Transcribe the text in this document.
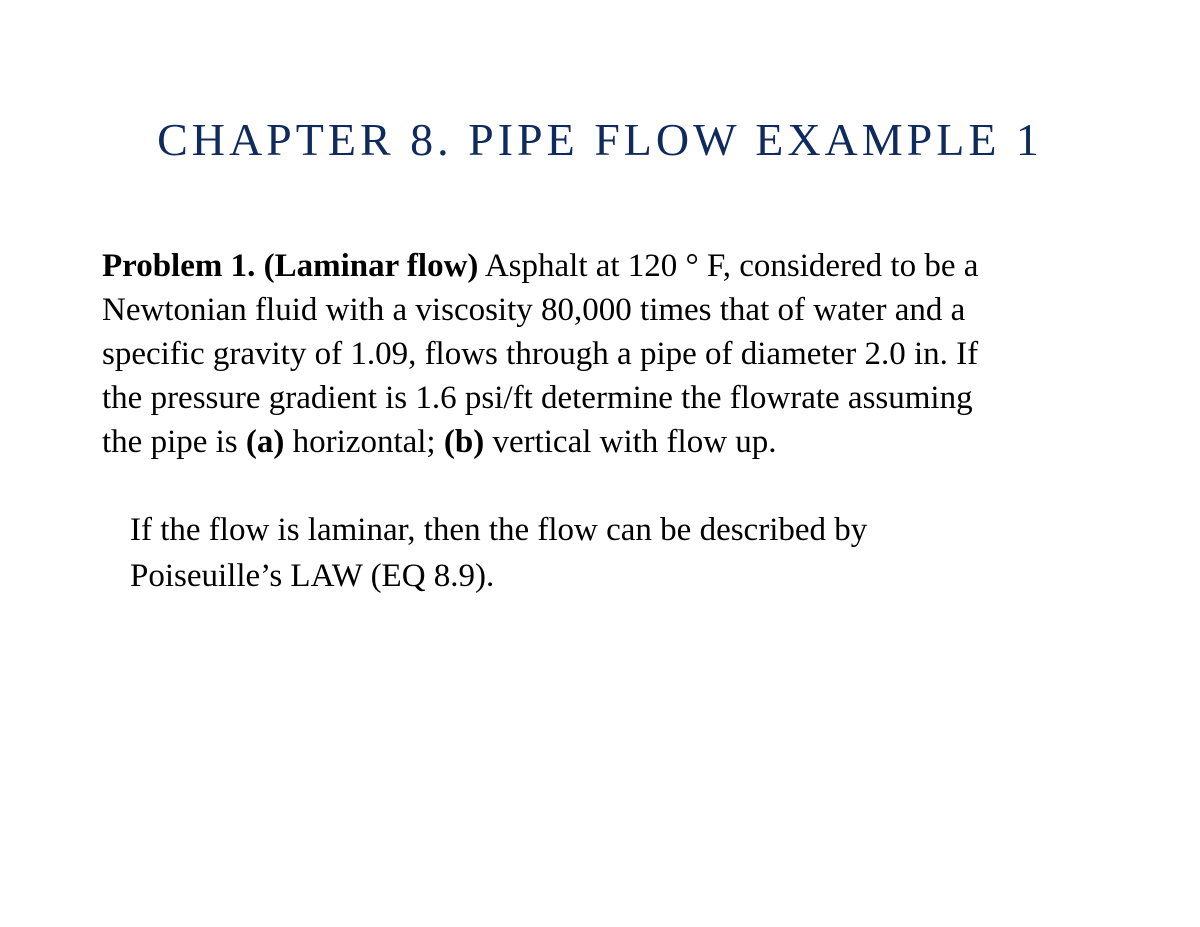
CHAPTER 8. PIPE FLOW EXAMPLE 1
Problem 1. (Laminar flow) Asphalt at 120 ° F, considered to be a
Newtonian fluid with a viscosity 80,000 times that of water and a
specific gravity of 1.09, flows through a pipe of diameter 2.0 in. If
the pressure gradient is 1.6 psi/ft determine the flowrate assuming
the pipe is (a) horizontal; (b) vertical with flow up.
If the flow is laminar, then the flow can be described by
Poiseuille’s LAW (EQ 8.9).
